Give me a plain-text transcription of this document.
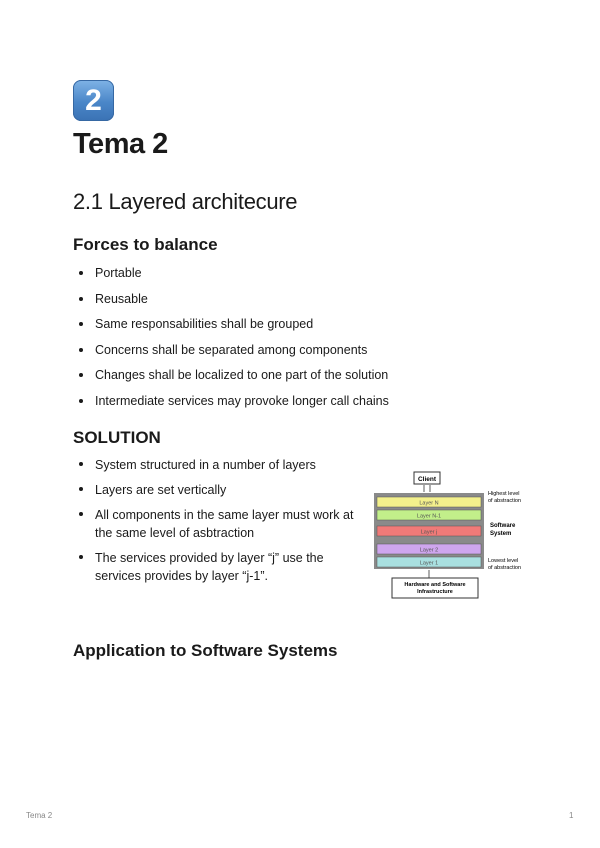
2
Tema 2
2.1 Layered architecure
Forces to balance
Portable
Reusable
Same responsabilities shall be grouped
Concerns shall be separated among components
Changes shall be localized to one part of the solution
Intermediate services may provoke longer call chains
SOLUTION
System structured in a number of layers
Layers are set vertically
All components in the same layer must work at the same level of asbtraction
The services provided by layer “j” use the services provides by layer “j-1”.
Client
Layer N
Layer N-1
Layer j
Layer 2
Layer 1
Hardware and Software Infrastructure
Highest level of abstraction
Software System
Lowest level of abstraction
Application to Software Systems
Tema 2	1
